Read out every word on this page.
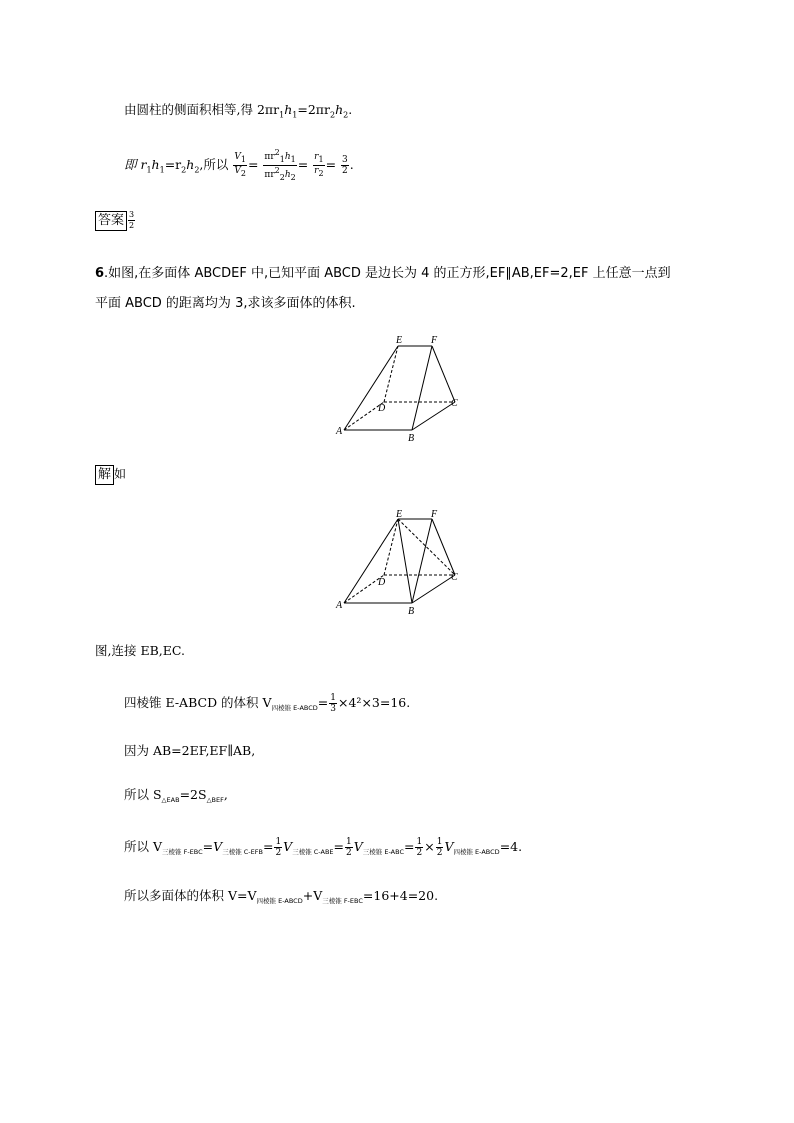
由圆柱的侧面积相等,得 $2\pi r_1h_1=2\pi r_2h_2$.
即 $r_1h_1=r_2h_2$,所以 $\frac{V_1}{V_2} = \frac{\pi r^2_1h_1}{\pi r^2_2h_2} = \frac{r_1}{r_2} = \frac{3}{2}$ .
答案 $\frac{3}{2}$
6.如图,在多面体 ABCDEF 中,已知平面 ABCD 是边长为 4 的正方形,EF∥AB,EF=2,EF 上任意一点到
平面 ABCD 的距离均为 3,求该多面体的体积.
E	F
D	C
A
B
E	F
D	C
A
B
解 如
图,连接 EB,EC.
四棱锥 E-ABCD 的体积 $V_{四棱锥 E-ABCD}= \frac{1}{3} \times 4^2\times 3=16$.
因为 AB=2EF,EF∥AB,
所以 $S_{\triangle EAB}=2S_{\triangle BEF}$,
所以 $V_{三棱锥 F-EBC}=V_{三棱锥 C-EFB}= \frac{1}{2} V_{三棱锥 C-ABE}= \frac{1}{2} V_{三棱锥 E-ABC}= \frac{1}{2} \times \frac{1}{2} V_{四棱锥 E-ABCD}=4$.
所以多面体的体积 $V=V_{四棱锥 E-ABCD}+V_{三棱锥 F-EBC}=16+4=20$.
